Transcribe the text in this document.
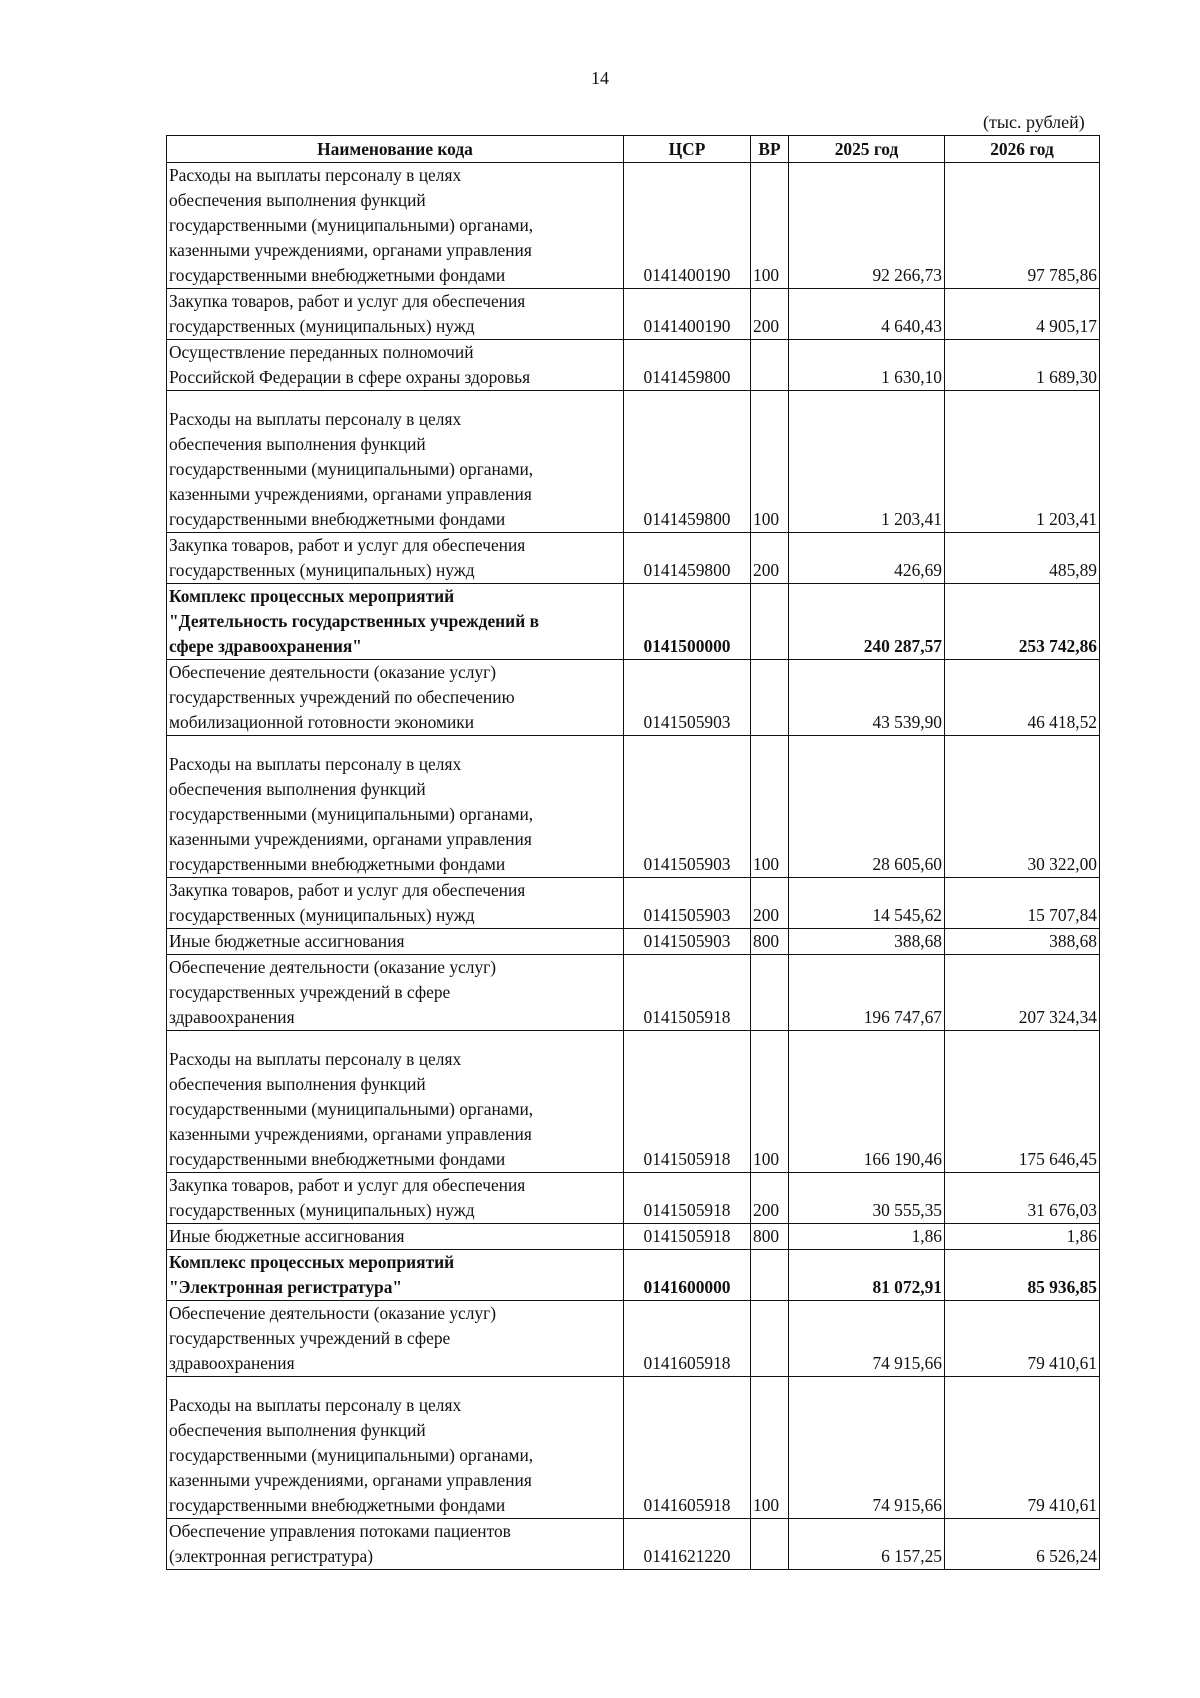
14
(тыс. рублей)
Наименование кода	ЦСР	ВР	2025 год	2026 год

Расходы на выплаты персоналу в целях
обеспечения выполнения функций
государственными (муниципальными) органами,
казенными учреждениями, органами управления
государственными внебюджетными фондами	0141400190	100	92 266,73	97 785,86

Закупка товаров, работ и услуг для обеспечения
государственных (муниципальных) нужд	0141400190	200	4 640,43	4 905,17

Осуществление переданных полномочий
Российской Федерации в сфере охраны здоровья	0141459800		1 630,10	1 689,30

Расходы на выплаты персоналу в целях
обеспечения выполнения функций
государственными (муниципальными) органами,
казенными учреждениями, органами управления
государственными внебюджетными фондами	0141459800	100	1 203,41	1 203,41

Закупка товаров, работ и услуг для обеспечения
государственных (муниципальных) нужд	0141459800	200	426,69	485,89

Комплекс процессных мероприятий
"Деятельность государственных учреждений в
сфере здравоохранения"	0141500000		240 287,57	253 742,86

Обеспечение деятельности (оказание услуг)
государственных учреждений по обеспечению
мобилизационной готовности экономики	0141505903		43 539,90	46 418,52

Расходы на выплаты персоналу в целях
обеспечения выполнения функций
государственными (муниципальными) органами,
казенными учреждениями, органами управления
государственными внебюджетными фондами	0141505903	100	28 605,60	30 322,00

Закупка товаров, работ и услуг для обеспечения
государственных (муниципальных) нужд	0141505903	200	14 545,62	15 707,84

Иные бюджетные ассигнования	0141505903	800	388,68	388,68

Обеспечение деятельности (оказание услуг)
государственных учреждений в сфере
здравоохранения	0141505918		196 747,67	207 324,34

Расходы на выплаты персоналу в целях
обеспечения выполнения функций
государственными (муниципальными) органами,
казенными учреждениями, органами управления
государственными внебюджетными фондами	0141505918	100	166 190,46	175 646,45

Закупка товаров, работ и услуг для обеспечения
государственных (муниципальных) нужд	0141505918	200	30 555,35	31 676,03

Иные бюджетные ассигнования	0141505918	800	1,86	1,86

Комплекс процессных мероприятий
"Электронная регистратура"	0141600000		81 072,91	85 936,85

Обеспечение деятельности (оказание услуг)
государственных учреждений в сфере
здравоохранения	0141605918		74 915,66	79 410,61

Расходы на выплаты персоналу в целях
обеспечения выполнения функций
государственными (муниципальными) органами,
казенными учреждениями, органами управления
государственными внебюджетными фондами	0141605918	100	74 915,66	79 410,61

Обеспечение управления потоками пациентов
(электронная регистратура)	0141621220		6 157,25	6 526,24
